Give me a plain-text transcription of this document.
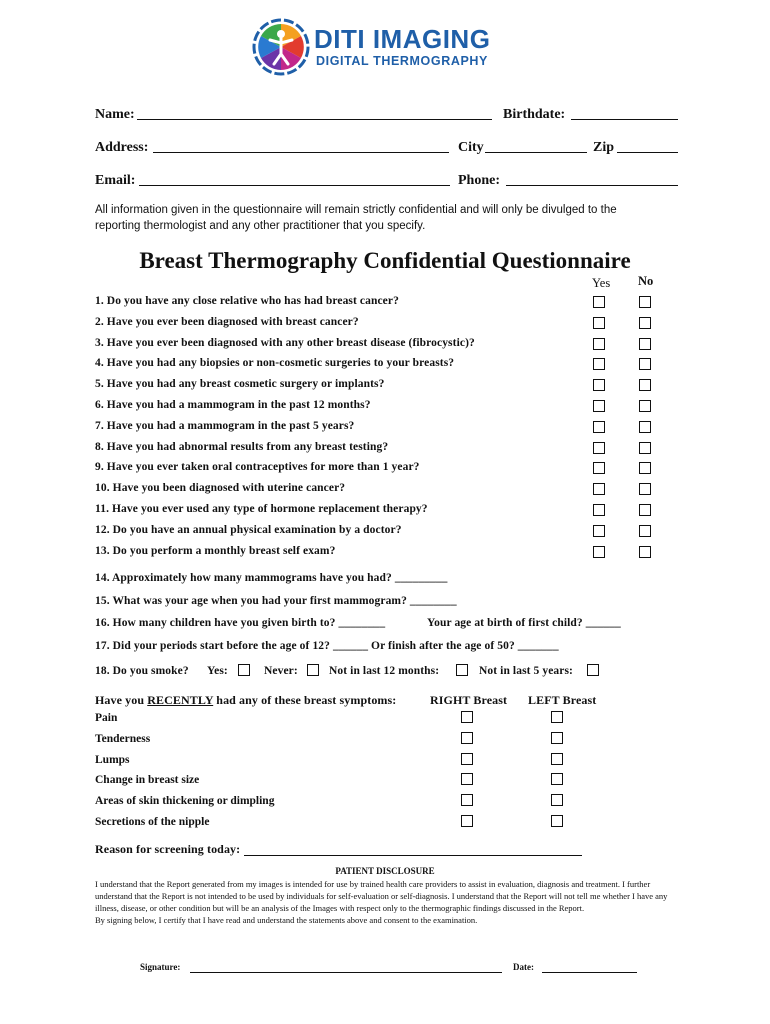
DITI IMAGING
DIGITAL THERMOGRAPHY
Name:	Birthdate:
Address:	City	Zip
Email:	Phone:
All information given in the questionnaire will remain strictly confidential and will only be divulged to the reporting thermologist and any other practitioner that you specify.
Breast Thermography Confidential Questionnaire
Yes No
1. Do you have any close relative who has had breast cancer?
2. Have you ever been diagnosed with breast cancer?
3. Have you ever been diagnosed with any other breast disease (fibrocystic)?
4. Have you had any biopsies or non-cosmetic surgeries to your breasts?
5. Have you had any breast cosmetic surgery or implants?
6. Have you had a mammogram in the past 12 months?
7. Have you had a mammogram in the past 5 years?
8. Have you had abnormal results from any breast testing?
9. Have you ever taken oral contraceptives for more than 1 year?
10. Have you been diagnosed with uterine cancer?
11. Have you ever used any type of hormone replacement therapy?
12. Do you have an annual physical examination by a doctor?
13. Do you perform a monthly breast self exam?
14. Approximately how many mammograms have you had? _________
15. What was your age when you had your first mammogram? ________
16. How many children have you given birth to? ________	Your age at birth of first child? ______
17. Did your periods start before the age of 12? ______ Or finish after the age of 50? _______
18. Do you smoke? Yes:	Never:	Not in last 12 months:	Not in last 5 years:
Have you RECENTLY had any of these breast symptoms:	RIGHT Breast LEFT Breast
Pain
Tenderness
Lumps
Change in breast size
Areas of skin thickening or dimpling
Secretions of the nipple
Reason for screening today:
PATIENT DISCLOSURE
I understand that the Report generated from my images is intended for use by trained health care providers to assist in evaluation, diagnosis and treatment. I further understand that the Report is not intended to be used by individuals for self-evaluation or self-diagnosis. I understand that the Report will not tell me whether I have any illness, disease, or other condition but will be an analysis of the Images with respect only to the thermographic findings discussed in the Report.
By signing below, I certify that I have read and understand the statements above and consent to the examination.
Signature:	Date:
